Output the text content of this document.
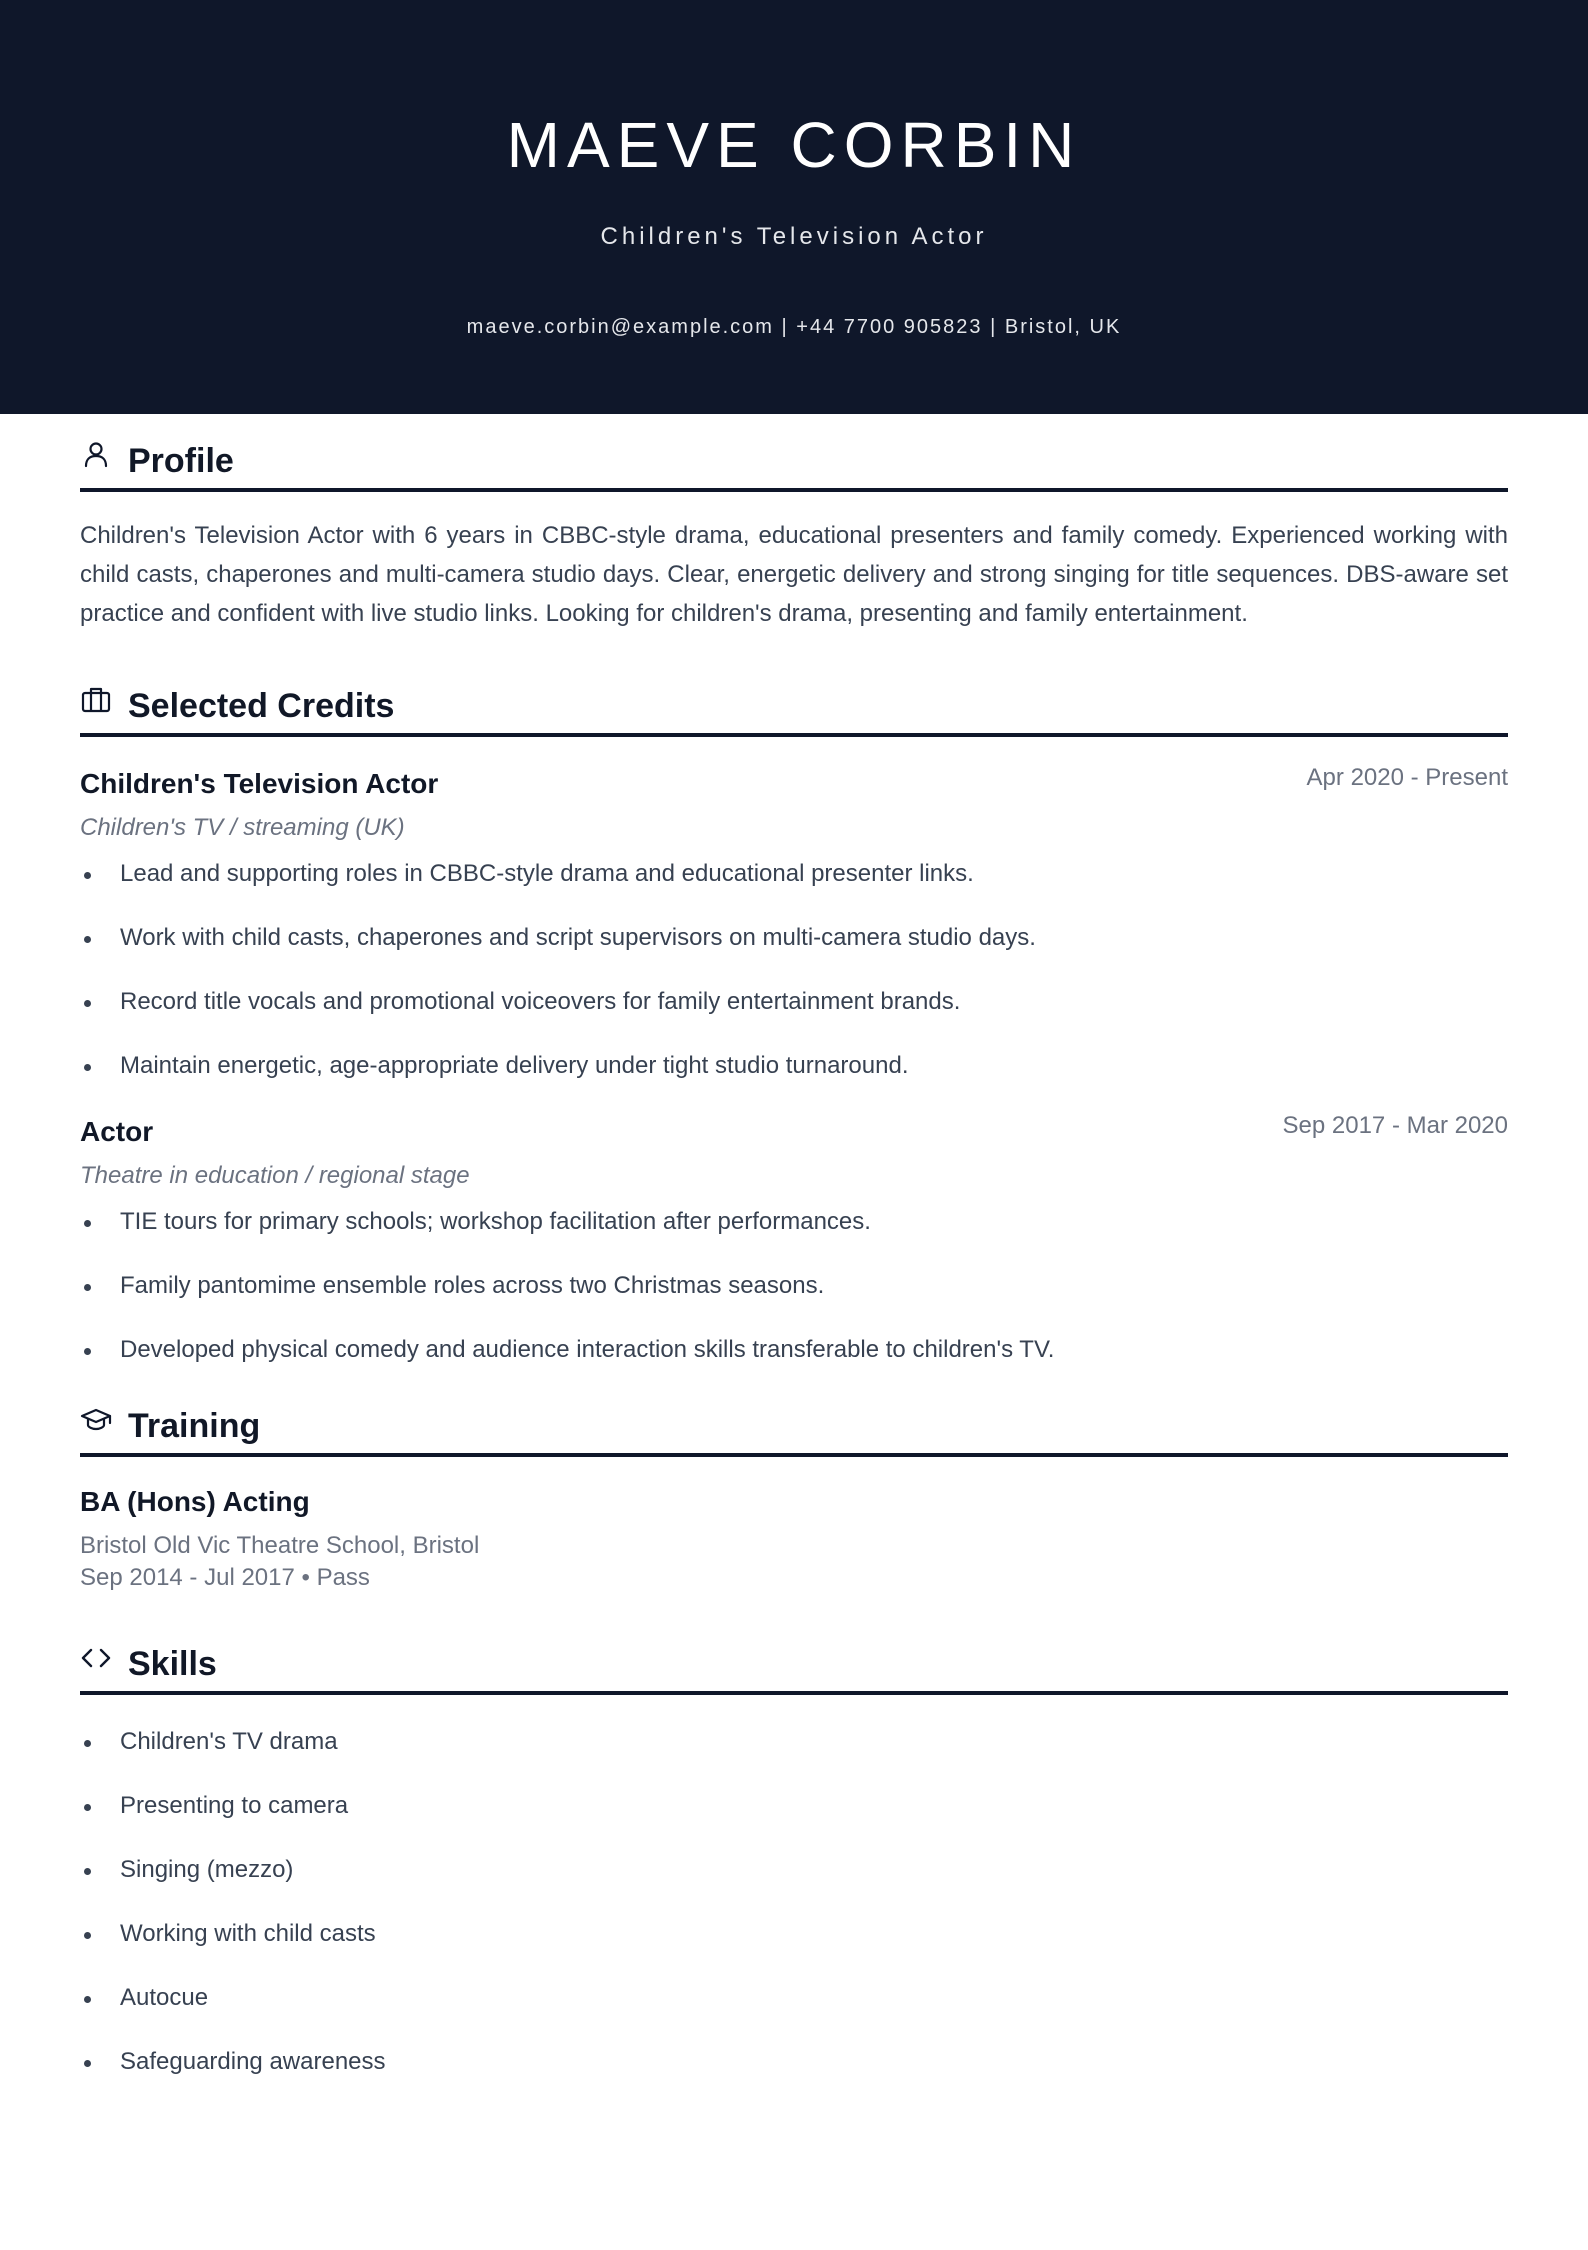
MAEVE CORBIN
Children's Television Actor
maeve.corbin@example.com | +44 7700 905823 | Bristol, UK
Profile

Children's Television Actor with 6 years in CBBC-style drama, educational presenters and family comedy. Experienced working with child casts, chaperones and multi-camera studio days. Clear, energetic delivery and strong singing for title sequences. DBS-aware set practice and confident with live studio links. Looking for children's drama, presenting and family entertainment.

Selected Credits
Children's Television Actor	Apr 2020 - Present
Children's TV / streaming (UK)
Lead and supporting roles in CBBC-style drama and educational presenter links.
Work with child casts, chaperones and script supervisors on multi-camera studio days.
Record title vocals and promotional voiceovers for family entertainment brands.
Maintain energetic, age-appropriate delivery under tight studio turnaround.
Actor	Sep 2017 - Mar 2020
Theatre in education / regional stage
TIE tours for primary schools; workshop facilitation after performances.
Family pantomime ensemble roles across two Christmas seasons.
Developed physical comedy and audience interaction skills transferable to children's TV.
Training
BA (Hons) Acting
Bristol Old Vic Theatre School, Bristol
Sep 2014 - Jul 2017 • Pass
Skills
Children's TV drama
Presenting to camera
Singing (mezzo)
Working with child casts
Autocue
Safeguarding awareness
